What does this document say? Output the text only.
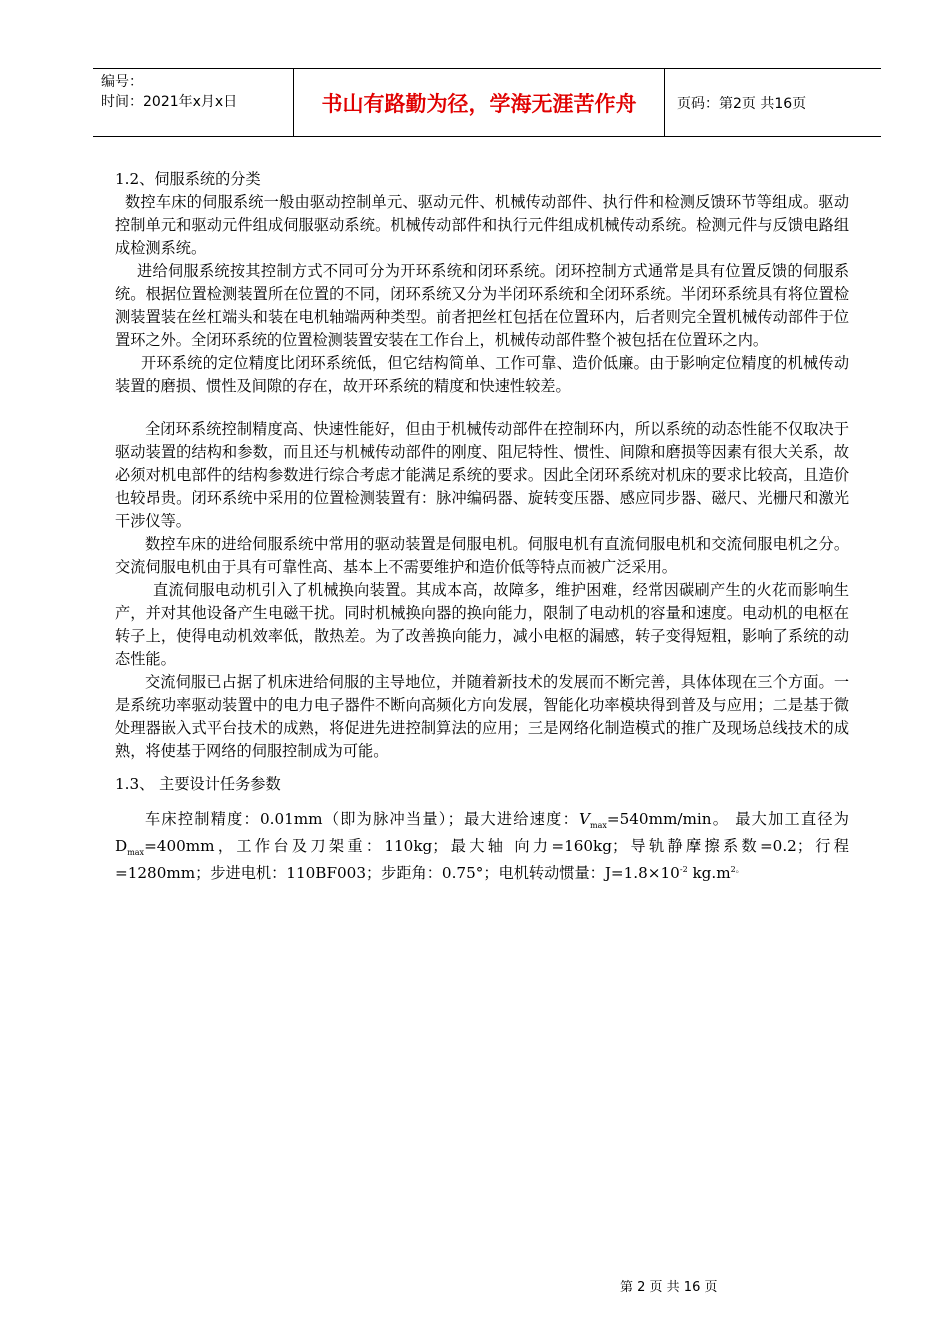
编号：
时间：2021年x月x日	书山有路勤为径，学海无涯苦作舟	页码：第2页 共16页

1.2、伺服系统的分类

数控车床的伺服系统一般由驱动控制单元、驱动元件、机械传动部件、执行件和检测反馈环节等组成。驱动控制单元和驱动元件组成伺服驱动系统。机械传动部件和执行元件组成机械传动系统。检测元件与反馈电路组成检测系统。

进给伺服系统按其控制方式不同可分为开环系统和闭环系统。闭环控制方式通常是具有位置反馈的伺服系统。根据位置检测装置所在位置的不同，闭环系统又分为半闭环系统和全闭环系统。半闭环系统具有将位置检测装置装在丝杠端头和装在电机轴端两种类型。前者把丝杠包括在位置环内，后者则完全置机械传动部件于位置环之外。全闭环系统的位置检测装置安装在工作台上，机械传动部件整个被包括在位置环之内。

开环系统的定位精度比闭环系统低，但它结构简单、工作可靠、造价低廉。由于影响定位精度的机械传动装置的磨损、惯性及间隙的存在，故开环系统的精度和快速性较差。

全闭环系统控制精度高、快速性能好，但由于机械传动部件在控制环内，所以系统的动态性能不仅取决于驱动装置的结构和参数，而且还与机械传动部件的刚度、阻尼特性、惯性、间隙和磨损等因素有很大关系，故必须对机电部件的结构参数进行综合考虑才能满足系统的要求。因此全闭环系统对机床的要求比较高，且造价也较昂贵。闭环系统中采用的位置检测装置有：脉冲编码器、旋转变压器、感应同步器、磁尺、光栅尺和激光干涉仪等。

数控车床的进给伺服系统中常用的驱动装置是伺服电机。伺服电机有直流伺服电机和交流伺服电机之分。交流伺服电机由于具有可靠性高、基本上不需要维护和造价低等特点而被广泛采用。

直流伺服电动机引入了机械换向装置。其成本高，故障多，维护困难，经常因碳刷产生的火花而影响生产，并对其他设备产生电磁干扰。同时机械换向器的换向能力，限制了电动机的容量和速度。电动机的电枢在转子上，使得电动机效率低，散热差。为了改善换向能力，减小电枢的漏感，转子变得短粗，影响了系统的动态性能。

交流伺服已占据了机床进给伺服的主导地位，并随着新技术的发展而不断完善，具体体现在三个方面。一是系统功率驱动装置中的电力电子器件不断向高频化方向发展，智能化功率模块得到普及与应用；二是基于微处理器嵌入式平台技术的成熟，将促进先进控制算法的应用；三是网络化制造模式的推广及现场总线技术的成熟，将使基于网络的伺服控制成为可能。

1.3、 主要设计任务参数

车床控制精度：0.01mm（即为脉冲当量）；最大进给速度：$V_{max}=540mm/\min$。 最大加工直径为$D_{max}=400mm$，工作台及刀架重：110kg；最大轴 向力=160kg；导轨静摩擦系数=0.2；行程=1280mm；步进电机：110BF003；步距角：0.75°；电机转动惯量：$J=1.8\times 10^{-2}$ $kg.m^{2。}$

第 2 页 共 16 页
